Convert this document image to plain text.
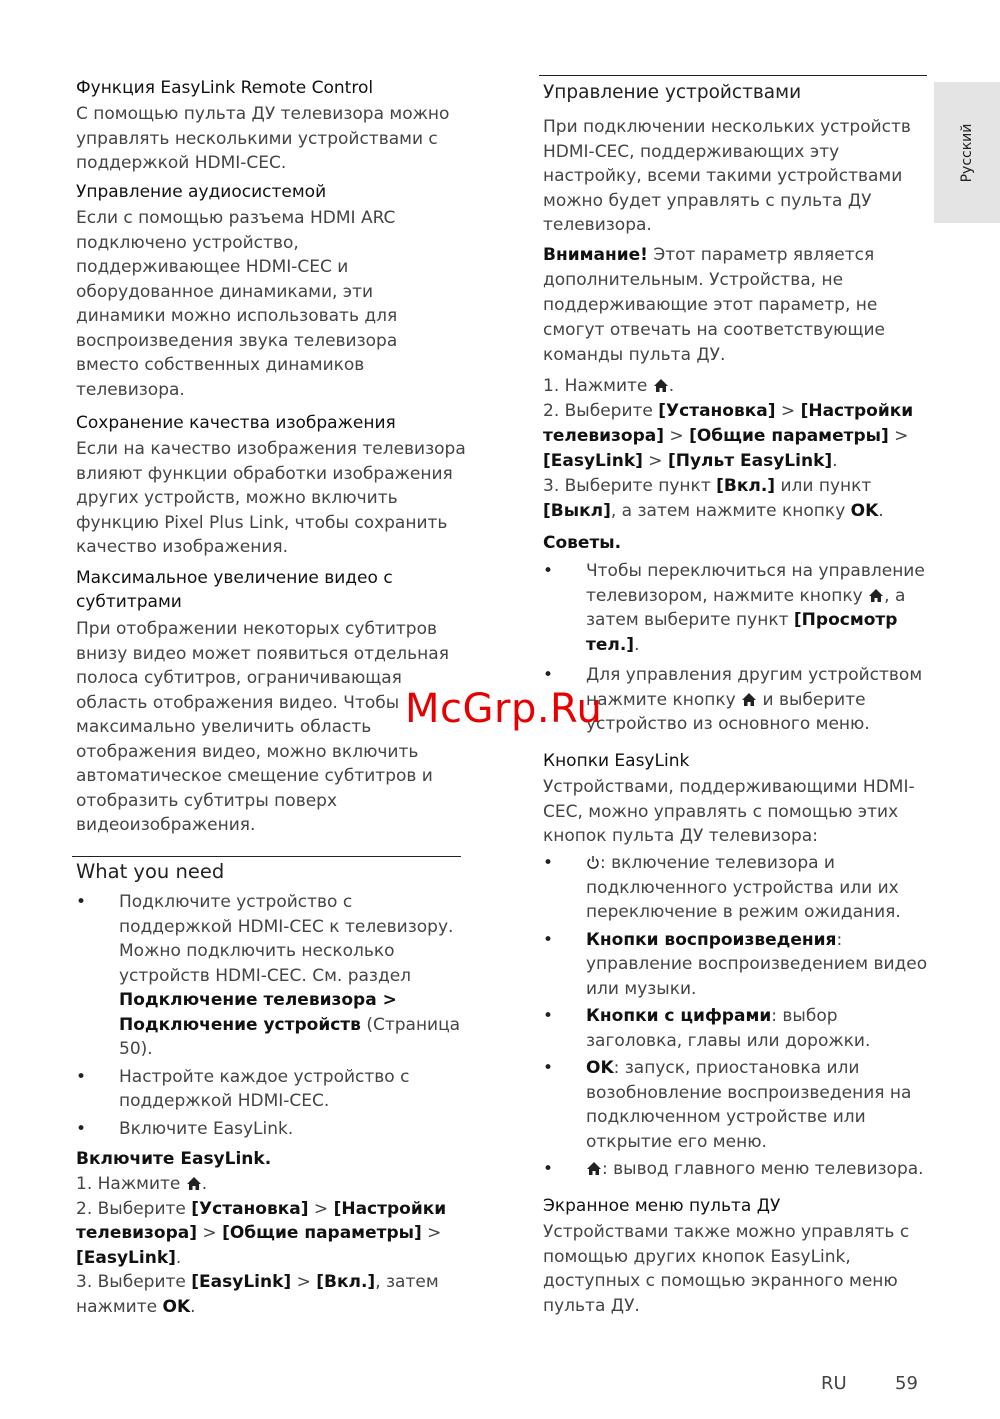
Русский

Функция EasyLink Remote Control

С помощью пульта ДУ телевизора можно управлять несколькими устройствами с поддержкой HDMI-CEC.

Управление аудиосистемой

Если с помощью разъема HDMI ARC подключено устройство, поддерживающее HDMI-CEC и оборудованное динамиками, эти динамики можно использовать для воспроизведения звука телевизора вместо собственных динамиков телевизора.

Сохранение качества изображения

Если на качество изображения телевизора влияют функции обработки изображения других устройств, можно включить функцию Pixel Plus Link, чтобы сохранить качество изображения.

Максимальное увеличение видео с субтитрами

При отображении некоторых субтитров внизу видео может появиться отдельная полоса субтитров, ограничивающая область отображения видео. Чтобы максимально увеличить область отображения видео, можно включить автоматическое смещение субтитров и отобразить субтитры поверх видеоизображения.

What you need

• Подключите устройство с поддержкой HDMI-CEC к телевизору. Можно подключить несколько устройств HDMI-CEC. См. раздел Подключение телевизора > Подключение устройств (Страница 50).
• Настройте каждое устройство с поддержкой HDMI-CEC.
• Включите EasyLink.

Включите EasyLink.

1. Нажмите .
2. Выберите [Установка] > [Настройки телевизора] > [Общие параметры] > [EasyLink].
3. Выберите [EasyLink] > [Вкл.], затем нажмите OK.

Управление устройствами

При подключении нескольких устройств HDMI-CEC, поддерживающих эту настройку, всеми такими устройствами можно будет управлять с пульта ДУ телевизора.

Внимание! Этот параметр является дополнительным. Устройства, не поддерживающие этот параметр, не смогут отвечать на соответствующие команды пульта ДУ.

1. Нажмите .
2. Выберите [Установка] > [Настройки телевизора] > [Общие параметры] > [EasyLink] > [Пульт EasyLink].
3. Выберите пункт [Вкл.] или пункт [Выкл], а затем нажмите кнопку OK.

Советы.

• Чтобы переключиться на управление телевизором, нажмите кнопку , а затем выберите пункт [Просмотр тел.].
• Для управления другим устройством нажмите кнопку  и выберите устройство из основного меню.

Кнопки EasyLink

Устройствами, поддерживающими HDMI-CEC, можно управлять с помощью этих кнопок пульта ДУ телевизора:

•	: включение телевизора и подключенного устройства или их переключение в режим ожидания.
• Кнопки воспроизведения: управление воспроизведением видео или музыки.
• Кнопки с цифрами: выбор заголовка, главы или дорожки.
• OK: запуск, приостановка или возобновление воспроизведения на подключенном устройстве или открытие его меню.
•	: вывод главного меню телевизора.

Экранное меню пульта ДУ

Устройствами также можно управлять с помощью других кнопок EasyLink, доступных с помощью экранного меню пульта ДУ.

McGrp.Ru
RU	59
